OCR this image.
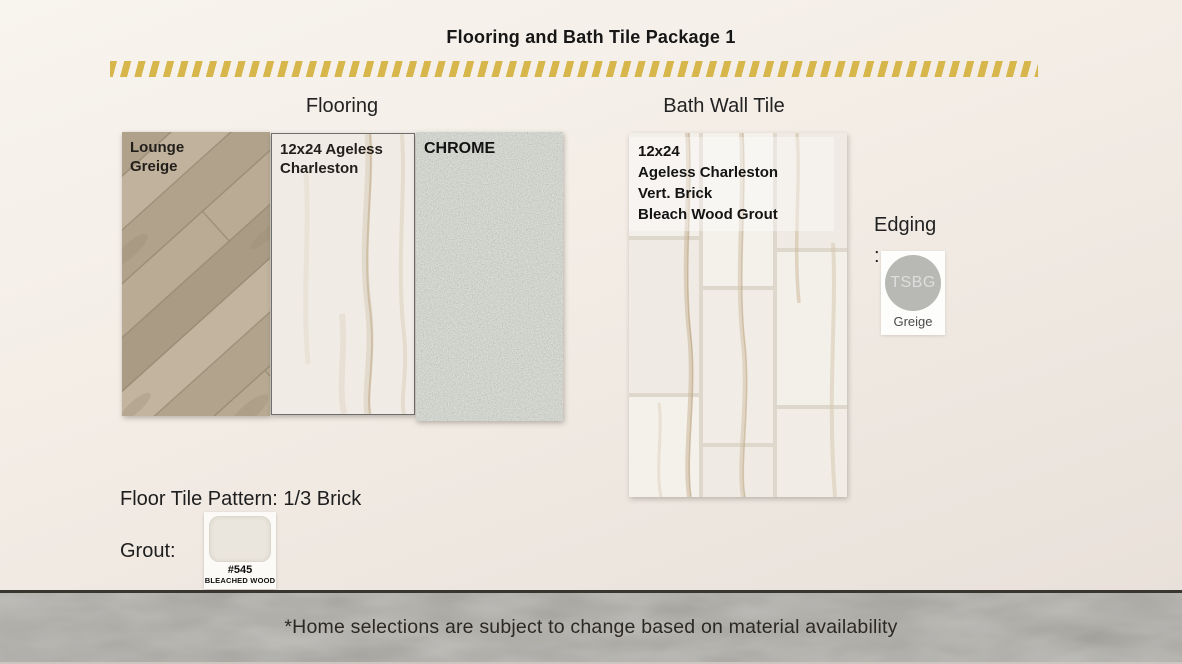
Flooring and Bath Tile Package 1
Flooring	Bath Wall Tile
Lounge Greige
12x24 Ageless Charleston
CHROME	12x24
Ageless Charleston
Vert. Brick
Bleach Wood Grout	Edging
:
TSBG
Greige
Floor Tile Pattern: 1/3 Brick
Grout:
#545
BLEACHED WOOD
*Home selections are subject to change based on material availability
